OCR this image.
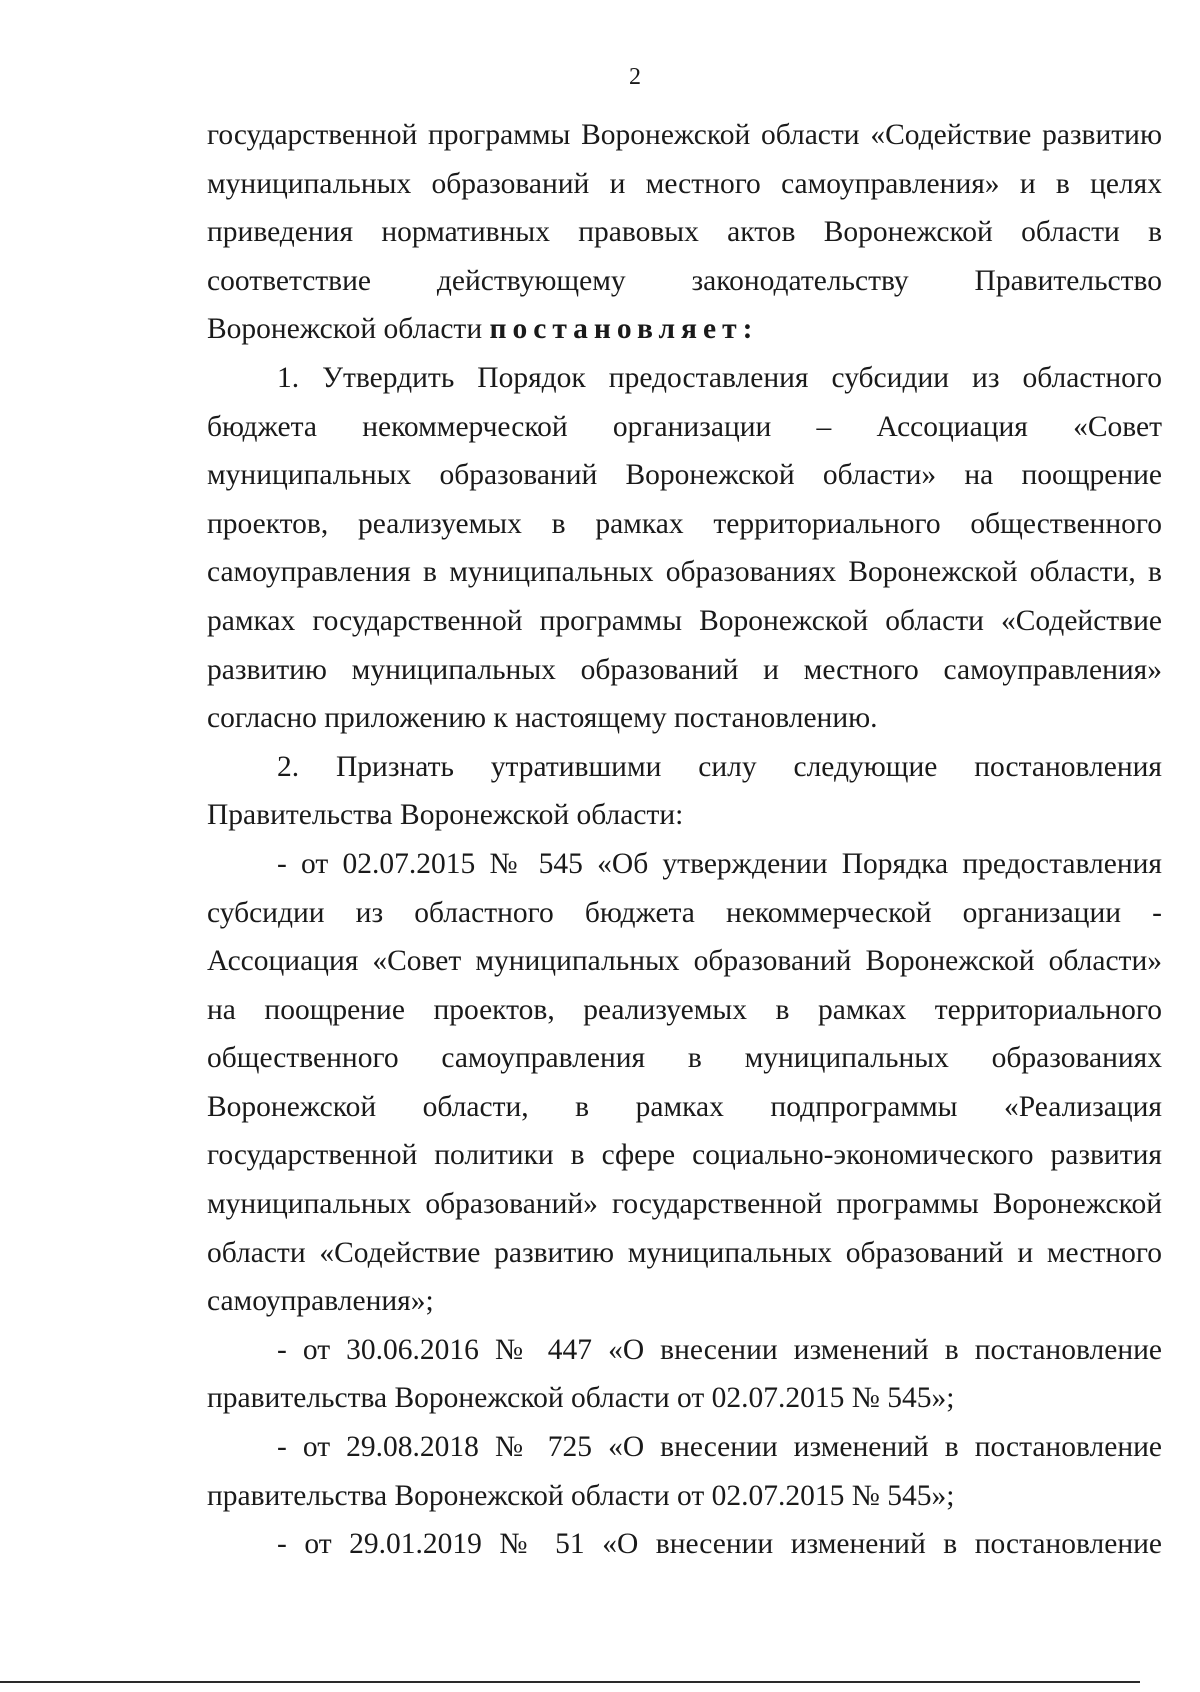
2

государственной программы Воронежской области «Содействие развитию муниципальных образований и местного самоуправления» и в целях приведения нормативных правовых актов Воронежской области в соответствие действующему законодательству Правительство Воронежской области постановляет:

1. Утвердить Порядок предоставления субсидии из областного бюджета некоммерческой организации – Ассоциация «Совет муниципальных образований Воронежской области» на поощрение проектов, реализуемых в рамках территориального общественного самоуправления в муниципальных образованиях Воронежской области, в рамках государственной программы Воронежской области «Содействие развитию муниципальных образований и местного самоуправления» согласно приложению к настоящему постановлению.

2. Признать утратившими силу следующие постановления Правительства Воронежской области:

- от 02.07.2015 № 545 «Об утверждении Порядка предоставления субсидии из областного бюджета некоммерческой организации - Ассоциация «Совет муниципальных образований Воронежской области» на поощрение проектов, реализуемых в рамках территориального общественного самоуправления в муниципальных образованиях Воронежской области, в рамках подпрограммы «Реализация государственной политики в сфере социально-экономического развития муниципальных образований» государственной программы Воронежской области «Содействие развитию муниципальных образований и местного самоуправления»;

- от 30.06.2016 № 447 «О внесении изменений в постановление правительства Воронежской области от 02.07.2015 № 545»;

- от 29.08.2018 № 725 «О внесении изменений в постановление правительства Воронежской области от 02.07.2015 № 545»;

- от 29.01.2019 № 51 «О внесении изменений в постановление
